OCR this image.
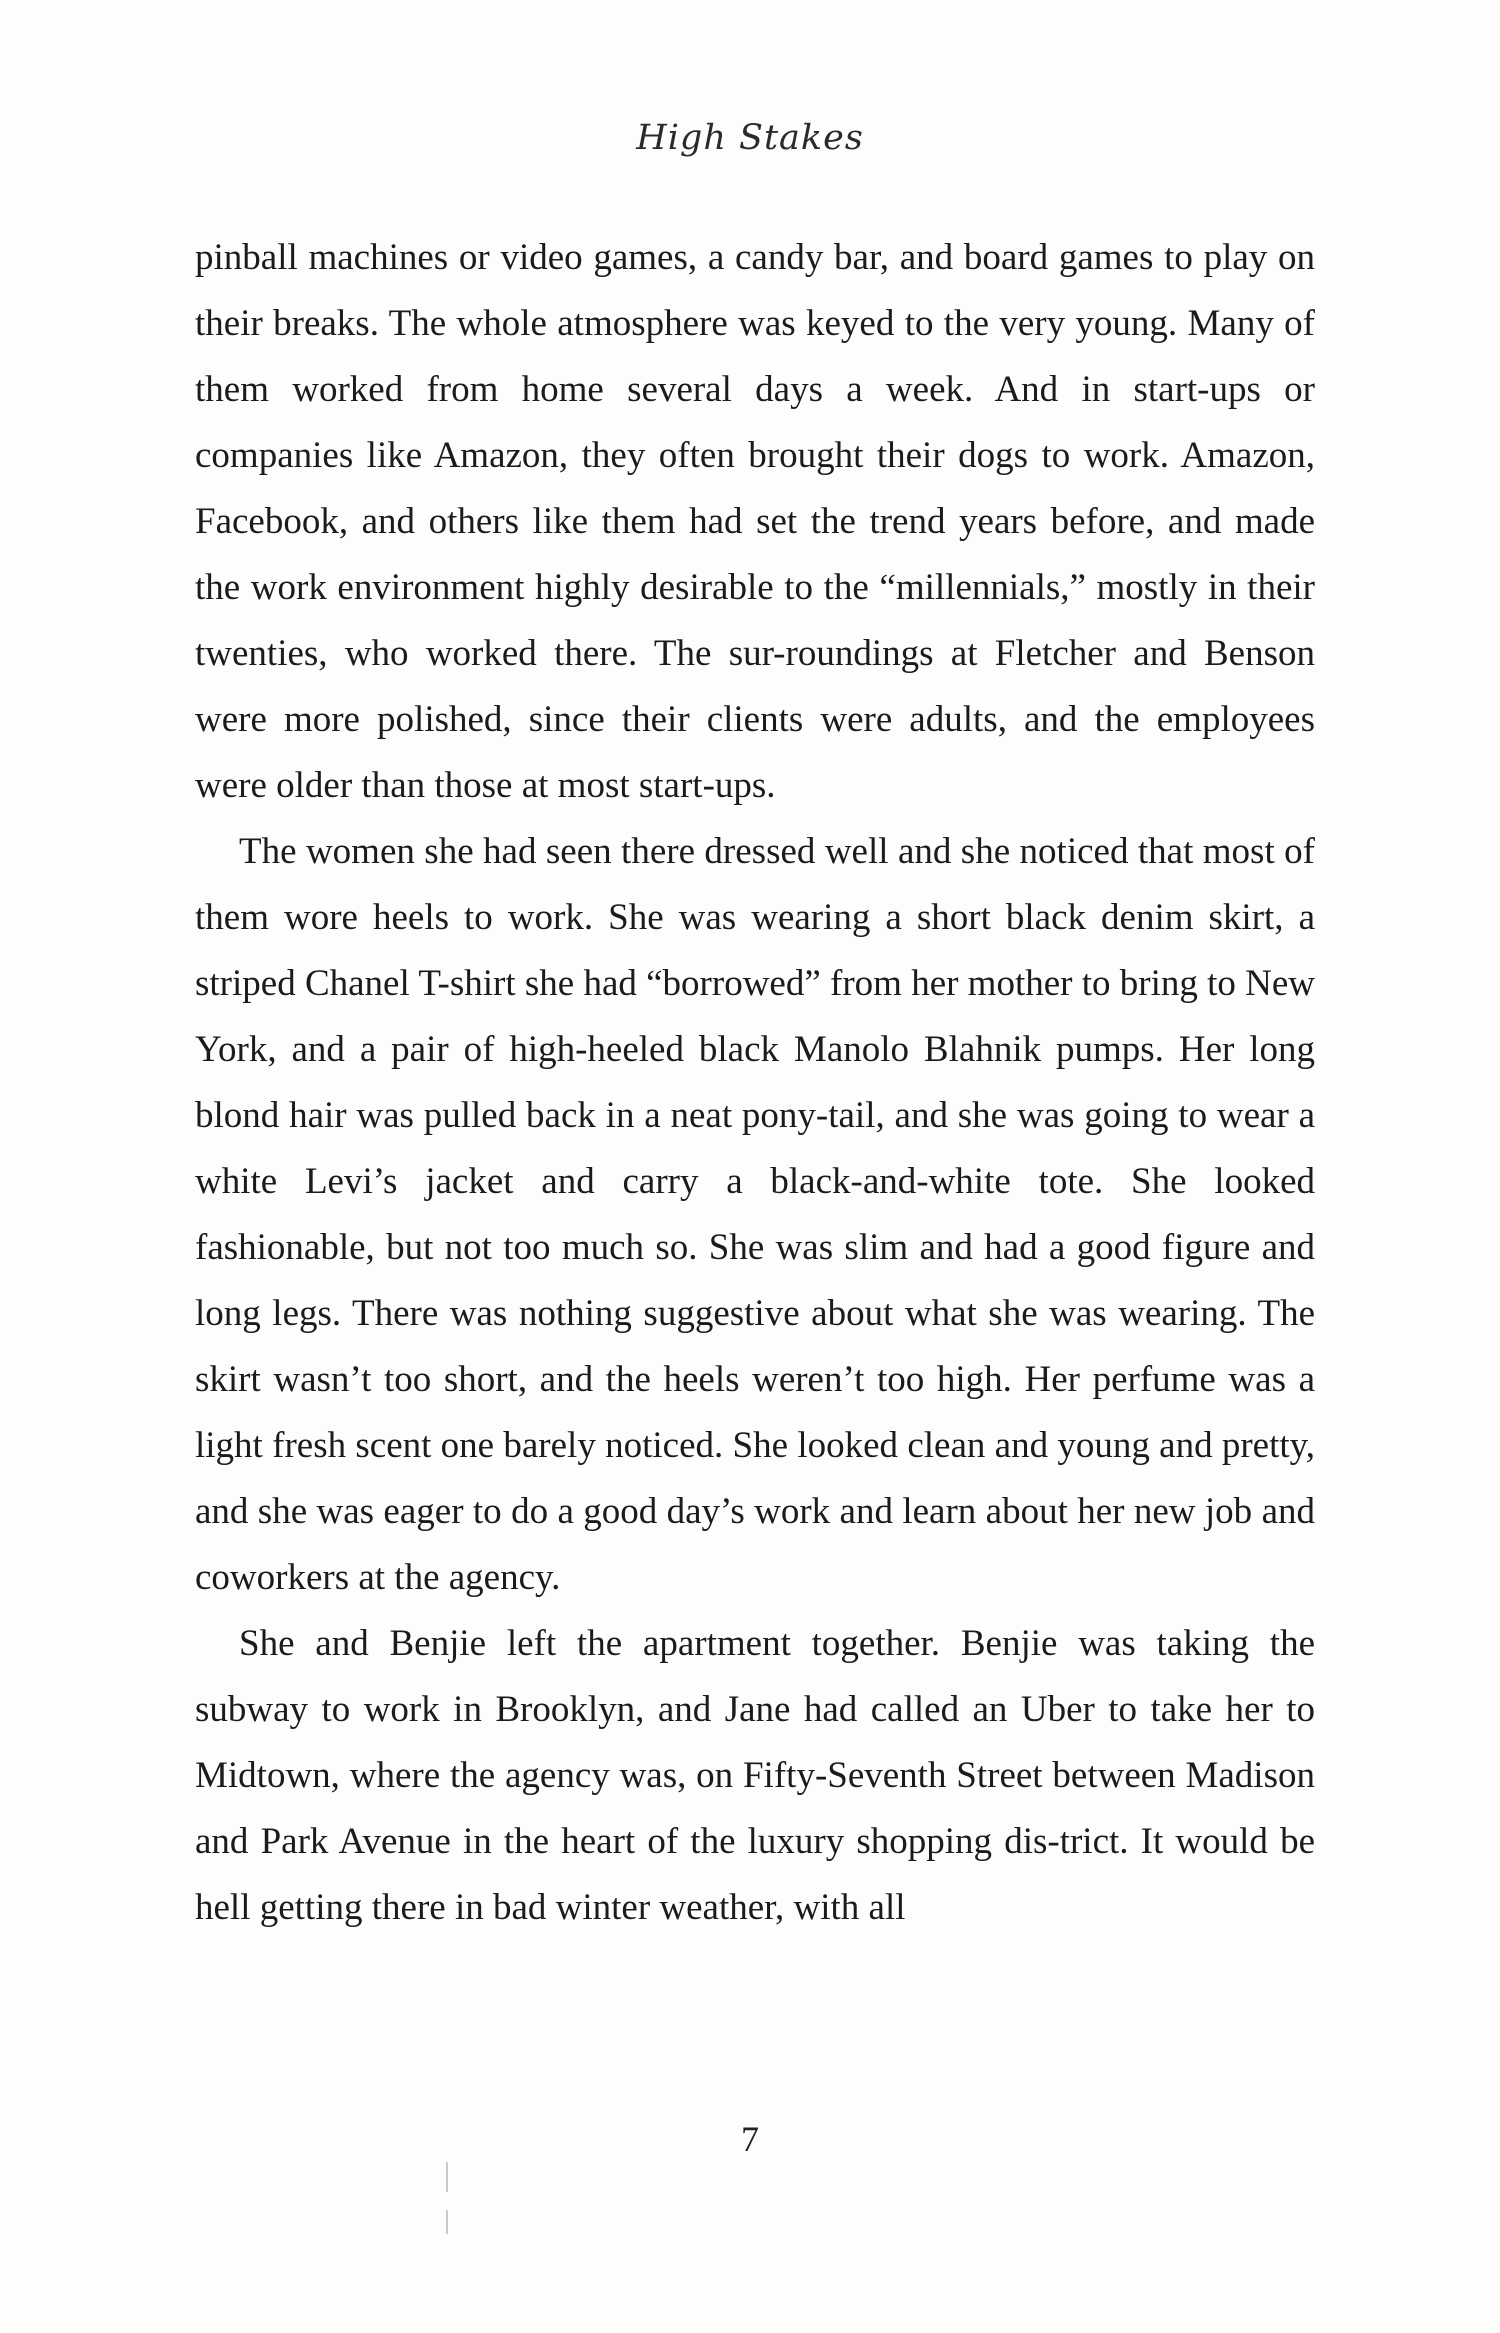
High Stakes

pinball machines or video games, a candy bar, and board games to play on their breaks. The whole atmosphere was keyed to the very young. Many of them worked from home several days a week. And in start-ups or companies like Amazon, they often brought their dogs to work. Amazon, Facebook, and others like them had set the trend years before, and made the work environment highly desirable to the “millennials,” mostly in their twenties, who worked there. The sur-roundings at Fletcher and Benson were more polished, since their clients were adults, and the employees were older than those at most start-ups.

The women she had seen there dressed well and she noticed that most of them wore heels to work. She was wearing a short black denim skirt, a striped Chanel T-shirt she had “borrowed” from her mother to bring to New York, and a pair of high-heeled black Manolo Blahnik pumps. Her long blond hair was pulled back in a neat pony-tail, and she was going to wear a white Levi’s jacket and carry a black-and-white tote. She looked fashionable, but not too much so. She was slim and had a good figure and long legs. There was nothing suggestive about what she was wearing. The skirt wasn’t too short, and the heels weren’t too high. Her perfume was a light fresh scent one barely noticed. She looked clean and young and pretty, and she was eager to do a good day’s work and learn about her new job and coworkers at the agency.

She and Benjie left the apartment together. Benjie was taking the subway to work in Brooklyn, and Jane had called an Uber to take her to Midtown, where the agency was, on Fifty-Seventh Street between Madison and Park Avenue in the heart of the luxury shopping dis-trict. It would be hell getting there in bad winter weather, with all

7
